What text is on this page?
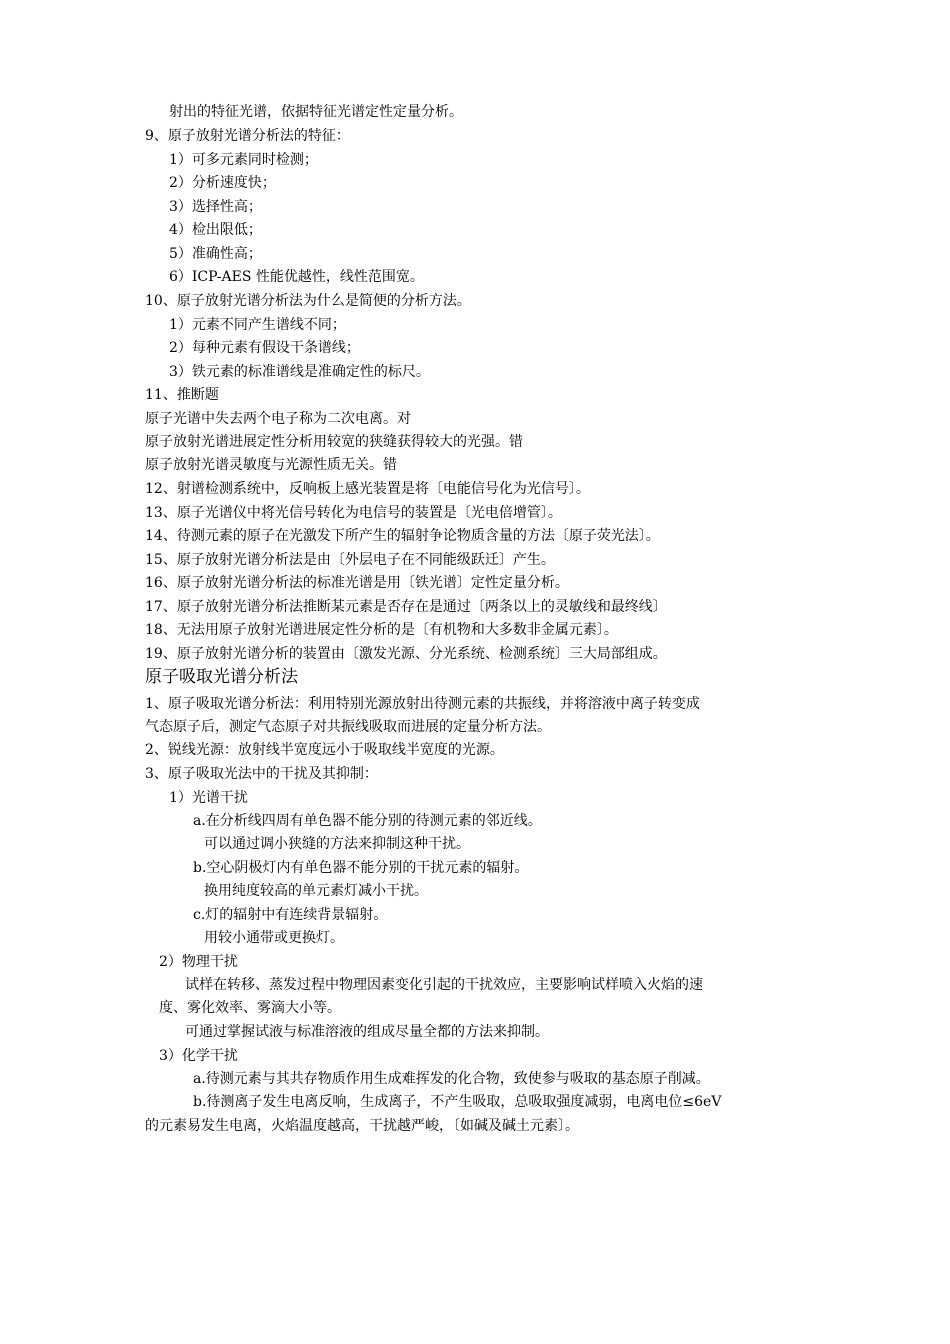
射出的特征光谱，依据特征光谱定性定量分析。
9、原子放射光谱分析法的特征：
1）可多元素同时检测；
2）分析速度快；
3）选择性高；
4）检出限低；
5）准确性高；
6）ICP-AES 性能优越性，线性范围宽。
10、原子放射光谱分析法为什么是简便的分析方法。
1）元素不同产生谱线不同；
2）每种元素有假设干条谱线；
3）铁元素的标准谱线是准确定性的标尺。
11、推断题
原子光谱中失去两个电子称为二次电离。对
原子放射光谱进展定性分析用较宽的狭缝获得较大的光强。错
原子放射光谱灵敏度与光源性质无关。错
12、射谱检测系统中，反响板上感光装置是将〔电能信号化为光信号〕。
13、原子光谱仪中将光信号转化为电信号的装置是〔光电倍增管〕。
14、待测元素的原子在光激发下所产生的辐射争论物质含量的方法〔原子荧光法〕。
15、原子放射光谱分析法是由〔外层电子在不同能级跃迁〕产生。
16、原子放射光谱分析法的标准光谱是用〔铁光谱〕定性定量分析。
17、原子放射光谱分析法推断某元素是否存在是通过〔两条以上的灵敏线和最终线〕
18、无法用原子放射光谱进展定性分析的是〔有机物和大多数非金属元素〕。
19、原子放射光谱分析的装置由〔激发光源、分光系统、检测系统〕三大局部组成。
原子吸取光谱分析法
1、原子吸取光谱分析法：利用特别光源放射出待测元素的共振线，并将溶液中离子转变成
气态原子后，测定气态原子对共振线吸取而进展的定量分析方法。
2、锐线光源：放射线半宽度远小于吸取线半宽度的光源。
3、原子吸取光法中的干扰及其抑制：
1）光谱干扰
a.在分析线四周有单色器不能分别的待测元素的邻近线。
可以通过调小狭缝的方法来抑制这种干扰。
b.空心阴极灯内有单色器不能分别的干扰元素的辐射。
换用纯度较高的单元素灯减小干扰。
c.灯的辐射中有连续背景辐射。
用较小通带或更换灯。
2）物理干扰
试样在转移、蒸发过程中物理因素变化引起的干扰效应，主要影响试样喷入火焰的速
度、雾化效率、雾滴大小等。
可通过掌握试液与标准溶液的组成尽量全都的方法来抑制。
3）化学干扰
a.待测元素与其共存物质作用生成难挥发的化合物，致使参与吸取的基态原子削减。
b.待测离子发生电离反响，生成离子，不产生吸取，总吸取强度减弱，电离电位≤6eV
的元素易发生电离，火焰温度越高，干扰越严峻，〔如碱及碱土元素〕。
